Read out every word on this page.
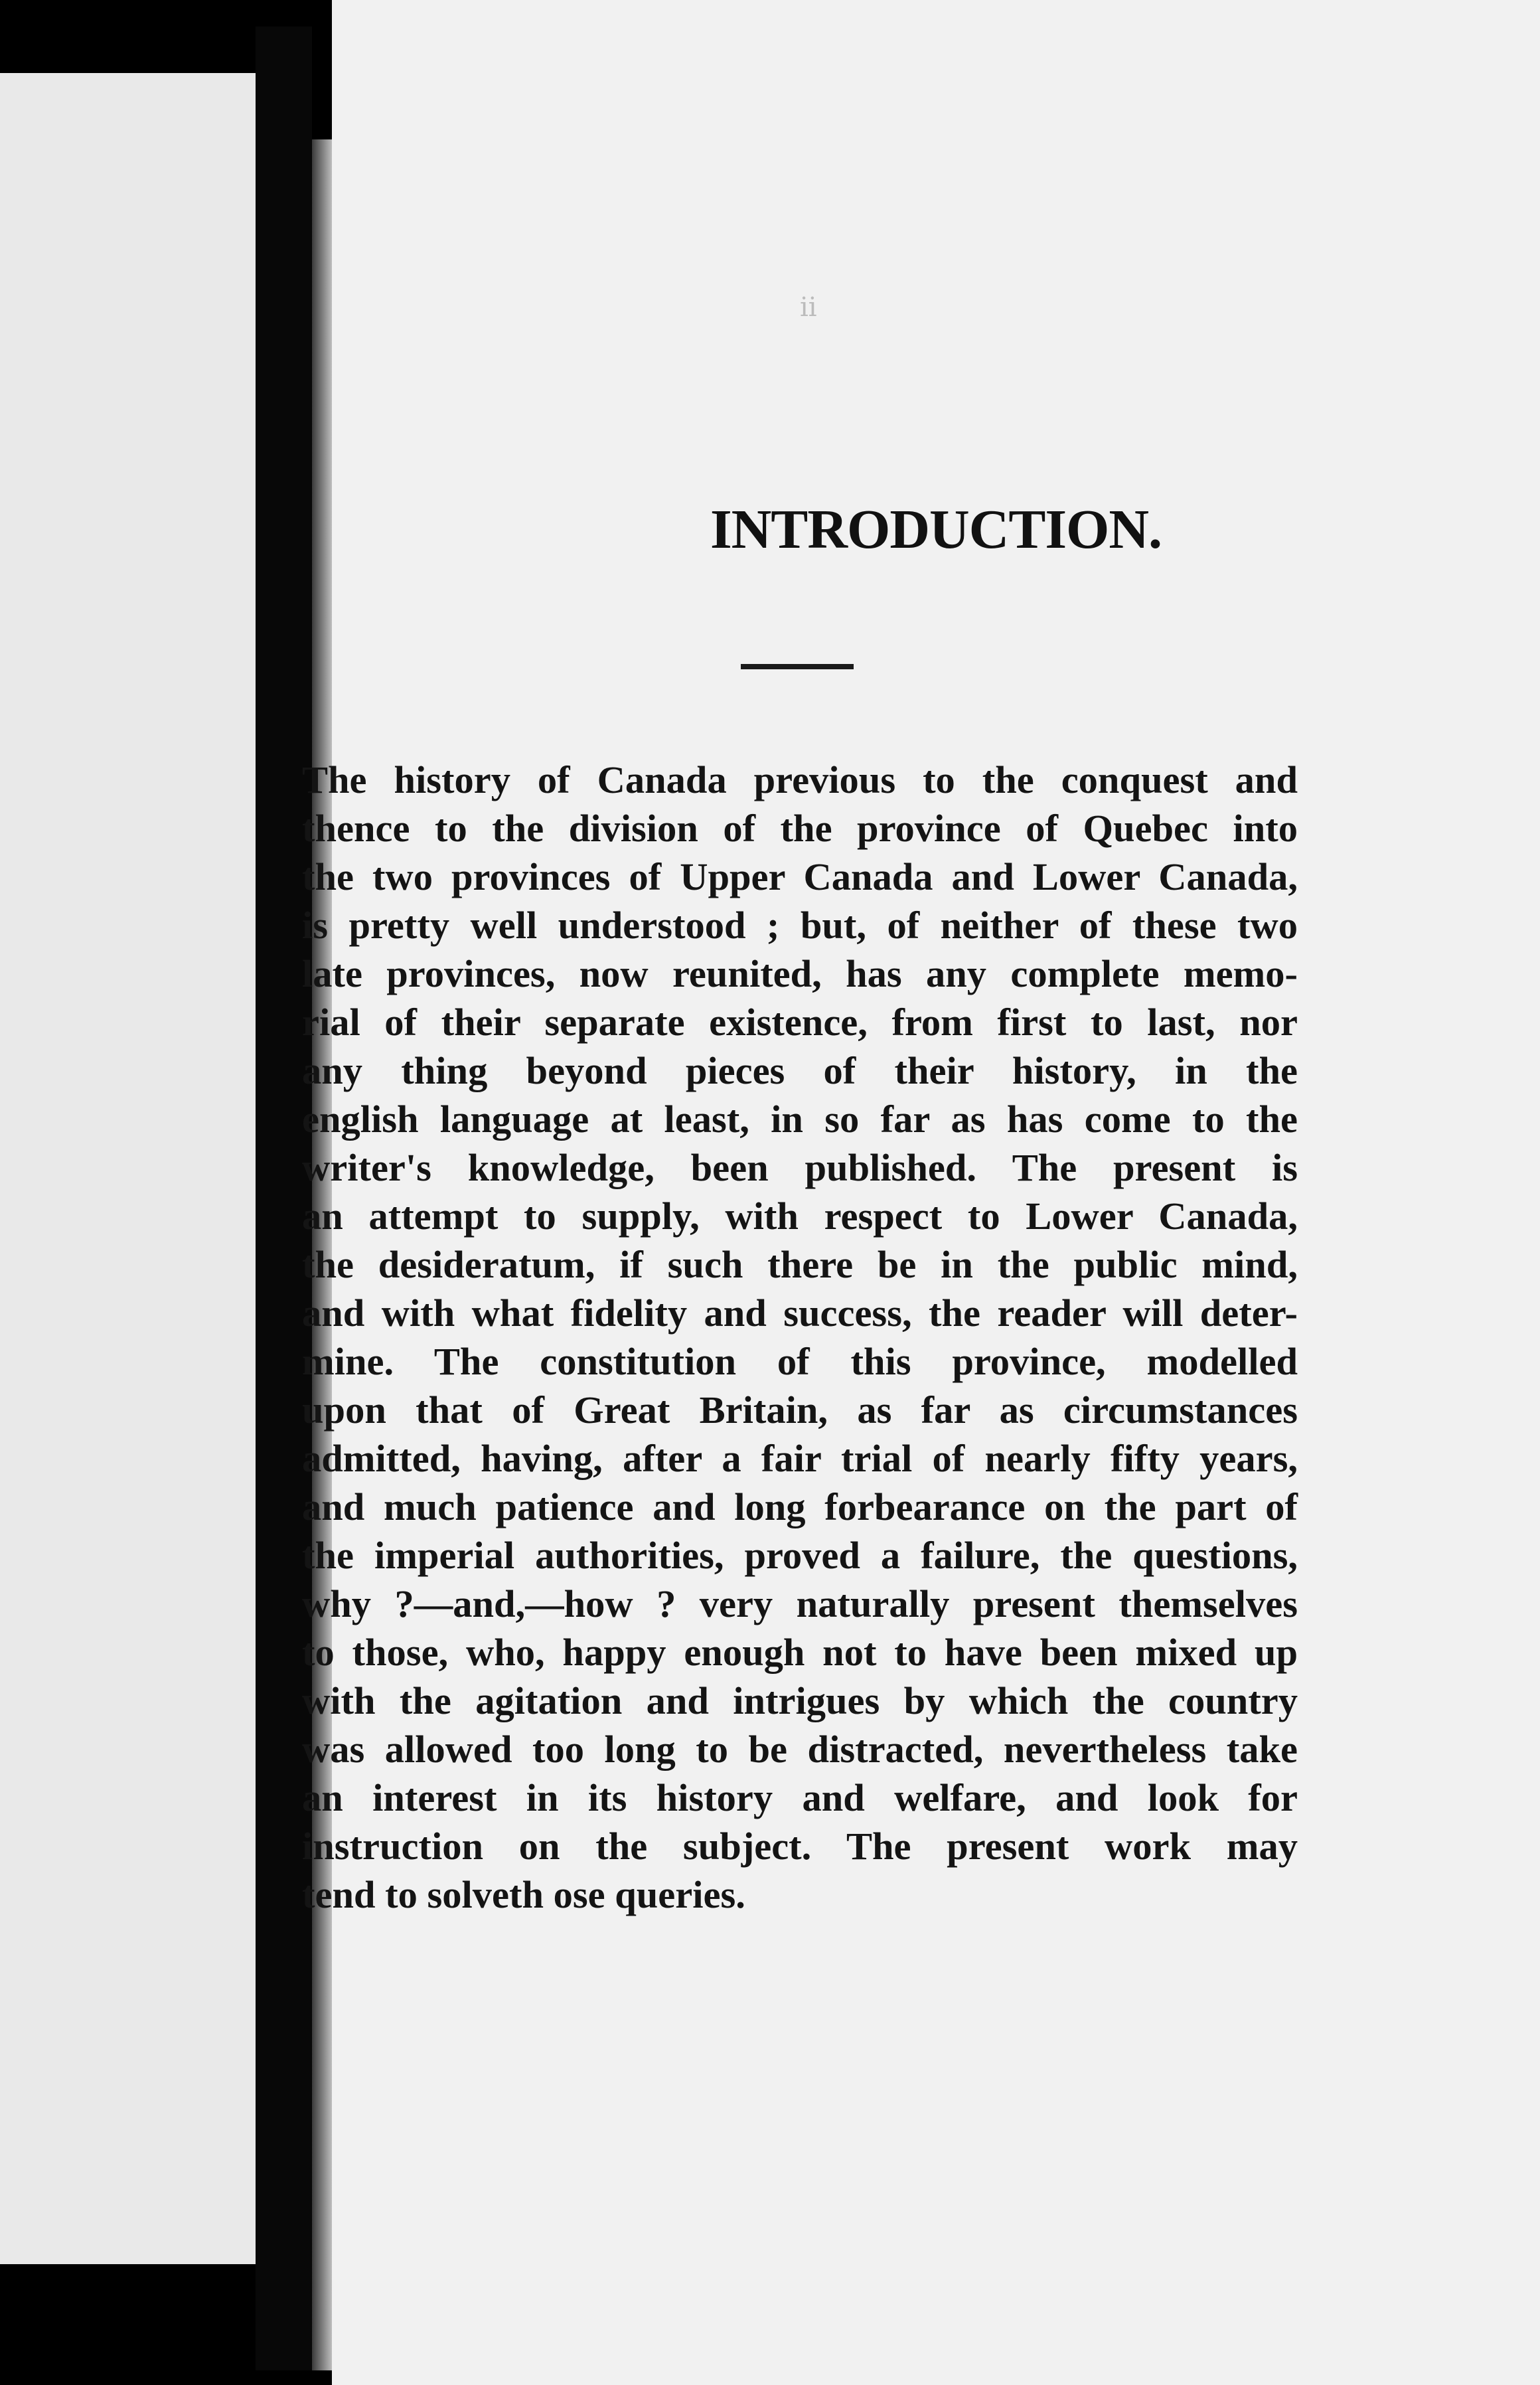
ii
INTRODUCTION.
The history of Canada previous to the conquest and
thence to the division of the province of Quebec into
the two provinces of Upper Canada and Lower Canada,
is pretty well understood ; but, of neither of these two
late provinces, now reunited, has any complete memo-
rial of their separate existence, from first to last, nor
any thing beyond pieces of their history, in the
english language at least, in so far as has come to the
writer's knowledge, been published. The present is
an attempt to supply, with respect to Lower Canada,
the desideratum, if such there be in the public mind,
and with what fidelity and success, the reader will deter-
mine. The constitution of this province, modelled
upon that of Great Britain, as far as circumstances
admitted, having, after a fair trial of nearly fifty years,
and much patience and long forbearance on the part of
the imperial authorities, proved a failure, the questions,
why ?—and,—how ? very naturally present themselves
to those, who, happy enough not to have been mixed up
with the agitation and intrigues by which the country
was allowed too long to be distracted, nevertheless take
an interest in its history and welfare, and look for
instruction on the subject. The present work may
tend to solveth ose queries.
